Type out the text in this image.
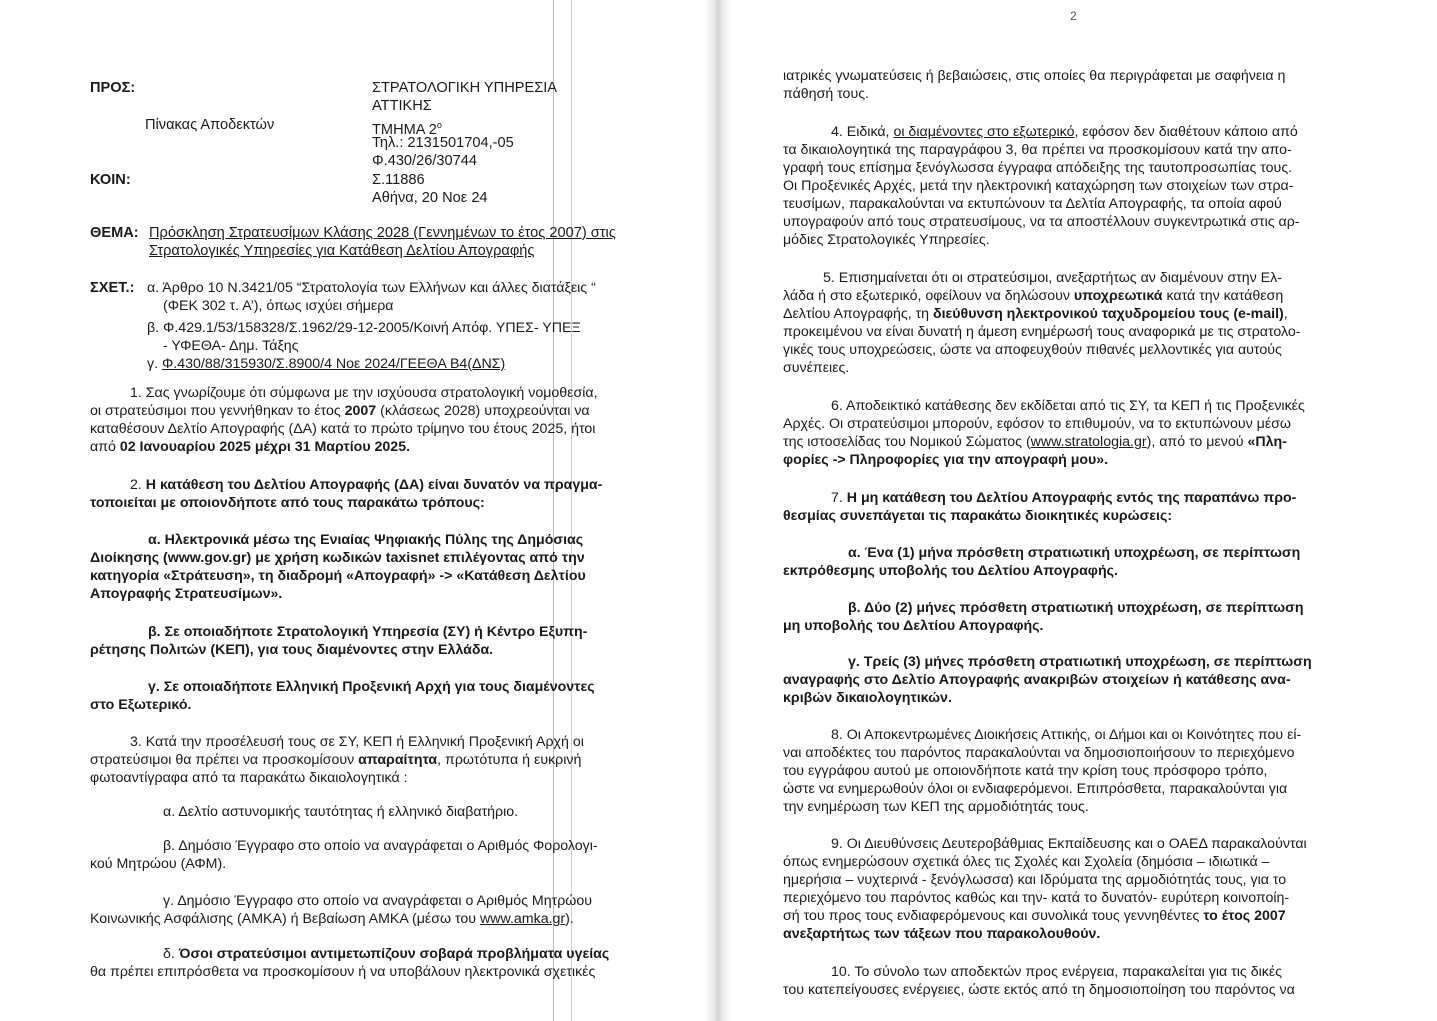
ΠΡΟΣ:
Πίνακας Αποδεκτών
ΚΟΙΝ:
ΣΤΡΑΤΟΛΟΓΙΚΗ ΥΠΗΡΕΣΙΑ
ΑΤΤΙΚΗΣ
ΤΜΗΜΑ $2^o$
Τηλ.: 2131501704,-05
Φ.430/26/30744
Σ.11886
Αθήνα, 20 Νοε 24
ΘΕΜΑ: Πρόσκληση Στρατευσίμων Κλάσης 2028 (Γεννημένων το έτος 2007) στις
Στρατολογικές Υπηρεσίες για Κατάθεση Δελτίου Απογραφής
ΣΧΕΤ.: α. Άρθρο 10 Ν.3421/05 “Στρατολογία των Ελλήνων και άλλες διατάξεις “
(ΦΕΚ 302 τ. Α’), όπως ισχύει σήμερα
β. Φ.429.1/53/158328/Σ.1962/29-12-2005/Κοινή Απόφ. ΥΠΕΣ- ΥΠΕΞ
- ΥΦΕΘΑ- Δημ. Τάξης
γ. Φ.430/88/315930/Σ.8900/4 Νοε 2024/ΓΕΕΘΑ Β4(ΔΝΣ)
1. Σας γνωρίζουμε ότι σύμφωνα με την ισχύουσα στρατολογική νομοθεσία,
οι στρατεύσιμοι που γεννήθηκαν το έτος 2007 (κλάσεως 2028) υποχρεούνται να
καταθέσουν Δελτίο Απογραφής (ΔΑ) κατά το πρώτο τρίμηνο του έτους 2025, ήτοι
από 02 Ιανουαρίου 2025 μέχρι 31 Μαρτίου 2025.
2. Η κατάθεση του Δελτίου Απογραφής (ΔΑ) είναι δυνατόν να πραγμα-
τοποιείται με οποιονδήποτε από τους παρακάτω τρόπους:
α. Ηλεκτρονικά μέσω της Ενιαίας Ψηφιακής Πύλης της Δημόσιας
Διοίκησης (www.gov.gr) με χρήση κωδικών taxisnet επιλέγοντας από την
κατηγορία «Στράτευση», τη διαδρομή «Απογραφή» -> «Κατάθεση Δελτίου
Απογραφής Στρατευσίμων».
β. Σε οποιαδήποτε Στρατολογική Υπηρεσία (ΣΥ) ή Κέντρο Εξυπη-
ρέτησης Πολιτών (ΚΕΠ), για τους διαμένοντες στην Ελλάδα.
γ. Σε οποιαδήποτε Ελληνική Προξενική Αρχή για τους διαμένοντες
στο Εξωτερικό.
3. Κατά την προσέλευσή τους σε ΣΥ, ΚΕΠ ή Ελληνική Προξενική Αρχή οι
στρατεύσιμοι θα πρέπει να προσκομίσουν απαραίτητα, πρωτότυπα ή ευκρινή
φωτοαντίγραφα από τα παρακάτω δικαιολογητικά :
α. Δελτίο αστυνομικής ταυτότητας ή ελληνικό διαβατήριο.
β. Δημόσιο Έγγραφο στο οποίο να αναγράφεται ο Αριθμός Φορολογι-
κού Μητρώου (ΑΦΜ).
γ. Δημόσιο Έγγραφο στο οποίο να αναγράφεται ο Αριθμός Μητρώου
Κοινωνικής Ασφάλισης (ΑΜΚΑ) ή Βεβαίωση ΑΜΚΑ (μέσω του www.amka.gr).
δ. Όσοι στρατεύσιμοι αντιμετωπίζουν σοβαρά προβλήματα υγείας
θα πρέπει επιπρόσθετα να προσκομίσουν ή να υποβάλουν ηλεκτρονικά σχετικές
2
ιατρικές γνωματεύσεις ή βεβαιώσεις, στις οποίες θα περιγράφεται με σαφήνεια η
πάθησή τους.
4. Ειδικά, οι διαμένοντες στο εξωτερικό, εφόσον δεν διαθέτουν κάποιο από
τα δικαιολογητικά της παραγράφου 3, θα πρέπει να προσκομίσουν κατά την απο-
γραφή τους επίσημα ξενόγλωσσα έγγραφα απόδειξης της ταυτοπροσωπίας τους.
Οι Προξενικές Αρχές, μετά την ηλεκτρονική καταχώρηση των στοιχείων των στρα-
τευσίμων, παρακαλούνται να εκτυπώνουν τα Δελτία Απογραφής, τα οποία αφού
υπογραφούν από τους στρατευσίμους, να τα αποστέλλουν συγκεντρωτικά στις αρ-
μόδιες Στρατολογικές Υπηρεσίες.
5. Επισημαίνεται ότι οι στρατεύσιμοι, ανεξαρτήτως αν διαμένουν στην Ελ-
λάδα ή στο εξωτερικό, οφείλουν να δηλώσουν υποχρεωτικά κατά την κατάθεση
Δελτίου Απογραφής, τη διεύθυνση ηλεκτρονικού ταχυδρομείου τους (e-mail),
προκειμένου να είναι δυνατή η άμεση ενημέρωσή τους αναφορικά με τις στρατολο-
γικές τους υποχρεώσεις, ώστε να αποφευχθούν πιθανές μελλοντικές για αυτούς
συνέπειες.
6. Αποδεικτικό κατάθεσης δεν εκδίδεται από τις ΣΥ, τα ΚΕΠ ή τις Προξενικές
Αρχές. Οι στρατεύσιμοι μπορούν, εφόσον το επιθυμούν, να το εκτυπώνουν μέσω
της ιστοσελίδας του Νομικού Σώματος (www.stratologia.gr), από το μενού «Πλη-
φορίες -> Πληροφορίες για την απογραφή μου».
7. Η μη κατάθεση του Δελτίου Απογραφής εντός της παραπάνω προ-
θεσμίας συνεπάγεται τις παρακάτω διοικητικές κυρώσεις:
α. Ένα (1) μήνα πρόσθετη στρατιωτική υποχρέωση, σε περίπτωση
εκπρόθεσμης υποβολής του Δελτίου Απογραφής.
β. Δύο (2) μήνες πρόσθετη στρατιωτική υποχρέωση, σε περίπτωση
μη υποβολής του Δελτίου Απογραφής.
γ. Τρείς (3) μήνες πρόσθετη στρατιωτική υποχρέωση, σε περίπτωση
αναγραφής στο Δελτίο Απογραφής ανακριβών στοιχείων ή κατάθεσης ανα-
κριβών δικαιολογητικών.
8. Οι Αποκεντρωμένες Διοικήσεις Αττικής, οι Δήμοι και οι Κοινότητες που εί-
ναι αποδέκτες του παρόντος παρακαλούνται να δημοσιοποιήσουν το περιεχόμενο
του εγγράφου αυτού με οποιονδήποτε κατά την κρίση τους πρόσφορο τρόπο,
ώστε να ενημερωθούν όλοι οι ενδιαφερόμενοι. Επιπρόσθετα, παρακαλούνται για
την ενημέρωση των ΚΕΠ της αρμοδιότητάς τους.
9. Οι Διευθύνσεις Δευτεροβάθμιας Εκπαίδευσης και ο ΟΑΕΔ παρακαλούνται
όπως ενημερώσουν σχετικά όλες τις Σχολές και Σχολεία (δημόσια – ιδιωτικά –
ημερήσια – νυχτερινά - ξενόγλωσσα) και Ιδρύματα της αρμοδιότητάς τους, για το
περιεχόμενο του παρόντος καθώς και την- κατά το δυνατόν- ευρύτερη κοινοποίη-
σή του προς τους ενδιαφερόμενους και συνολικά τους γεννηθέντες το έτος 2007
ανεξαρτήτως των τάξεων που παρακολουθούν.
10. Το σύνολο των αποδεκτών προς ενέργεια, παρακαλείται για τις δικές
του κατεπείγουσες ενέργειες, ώστε εκτός από τη δημοσιοποίηση του παρόντος να
